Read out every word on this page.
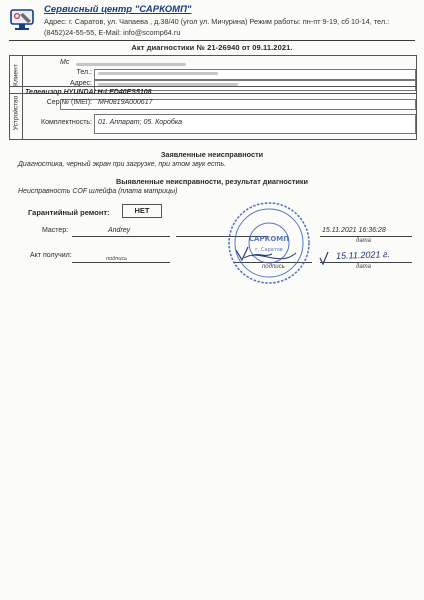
Сервисный центр "САРКОМП"
Адрес: г. Саратов, ул. Чапаева , д.38/40 (угол ул. Мичурина) Режим работы: пн-пт 9-19, сб 10-14, тел.:
(8452)24-55-55, E-Mail: info@scomp64.ru
Акт диагностики № 21-26940 от 09.11.2021.
Клиент
Мс
Тел.:
Адрес:
Устройство
Телевизор HYUNDAI H-LED40ES5108
Сер.№ (IMEI): MH0819A000617
Комплектность: 01. Аппарат; 05. Коробка
Заявленные неисправности
Диагностика, черный экран при загрузке, при этом звук есть.
Выявленные неисправности, результат диагностики
Неисправность COF шлейфа (плата матрицы)
Гарантийный ремонт:	НЕТ
Мастер:	Andrey	15.11.2021 16:36:28
дата
Акт получил:	подпись
подпись
15.11.2021 г.
дата
САРКОМП
г. Саратов
